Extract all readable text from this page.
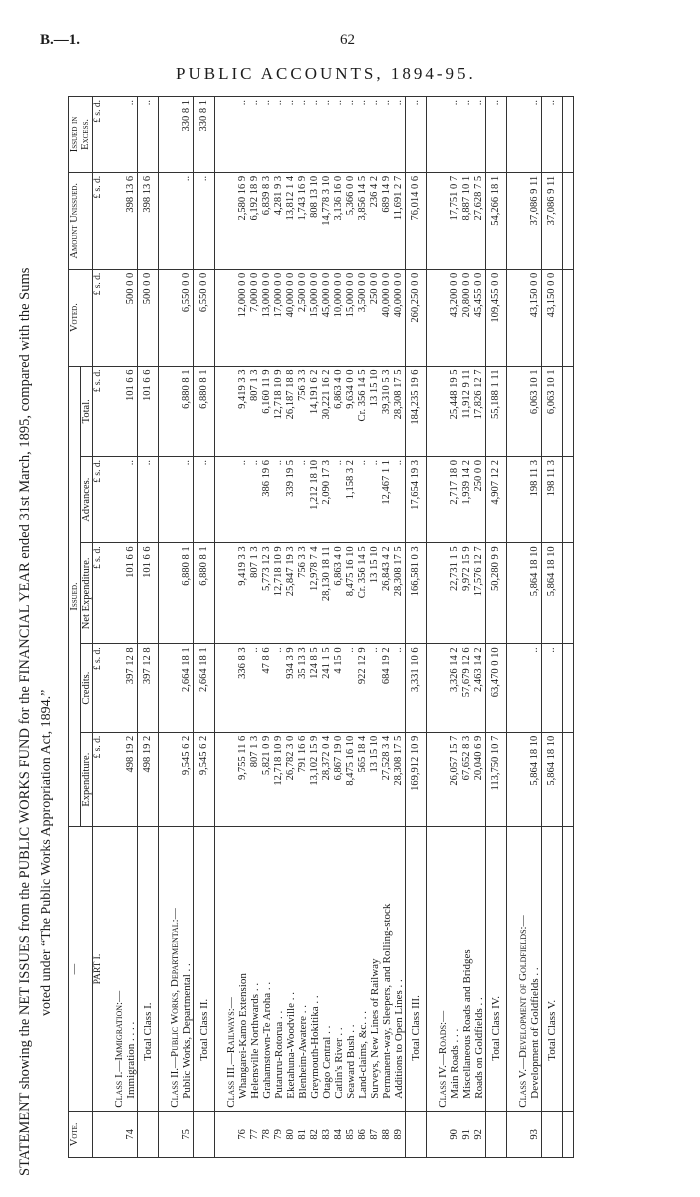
B.—1.	62
PUBLIC ACCOUNTS, 1894-95.
STATEMENT showing the NET ISSUES from the PUBLIC WORKS FUND for the FINANCIAL YEAR ended 31st March, 1895, compared with the Sums voted under “The Public Works Appropriation Act, 1894.”
Vote.	—	Issued.					Voted.	Amount Unissued.	Issued in Excess.
		Expenditure.	Credits.	Net Expenditure.	Advances.	Total.			
	PART I.	£ s. d.	£ s. d.	£ s. d.	£ s. d.	£ s. d.	£ s. d.	£ s. d.	£ s. d.

	Class I.—Immigration:—								
74	Immigration . . . .	498 19 2	397 12 8	101 6 6	..	101 6 6	500 0 0	398 13 6	..
	Total Class I.	498 19 2	397 12 8	101 6 6	..	101 6 6	500 0 0	398 13 6	..

	Class II.—Public Works, Departmental:—								
75	Public Works, Departmental . .	9,545 6 2	2,664 18 1	6,880 8 1	..	6,880 8 1	6,550 0 0	..	330 8 1
	Total Class II.	9,545 6 2	2,664 18 1	6,880 8 1	..	6,880 8 1	6,550 0 0	..	330 8 1

	Class III.—Railways:—								
76	Whangarei-Kamo Extension	9,755 11 6	336 8 3	9,419 3 3	..	9,419 3 3	12,000 0 0	2,580 16 9	..
77	Helensville Northwards . .	807 1 3	..	807 1 3	..	807 1 3	7,000 0 0	6,192 18 9	..
78	Grahamstown-Te Aroha . .	5,821 0 9	47 8 6	5,773 12 3	386 19 6	6,160 11 9	13,000 0 0	6,839 8 3	..
79	Putaruru-Rotorua . .	12,718 10 9	..	12,718 10 9	..	12,718 10 9	17,000 0 0	4,281 9 3	..
80	Eketahuna-Woodville . .	26,782 3 0	934 3 9	25,847 19 3	339 19 5	26,187 18 8	40,000 0 0	13,812 1 4	..
81	Blenheim-Awatere . .	791 16 6	35 13 3	756 3 3	..	756 3 3	2,500 0 0	1,743 16 9	..
82	Greymouth-Hokitika . .	13,102 15 9	124 8 5	12,978 7 4	1,212 18 10	14,191 6 2	15,000 0 0	808 13 10	..
83	Otago Central . .	28,372 0 4	241 1 5	28,130 18 11	2,090 17 3	30,221 16 2	45,000 0 0	14,778 3 10	..
84	Catlin's River . .	6,867 19 0	4 15 0	6,863 4 0	..	6,863 4 0	10,000 0 0	3,136 16 0	..
85	Seaward Bush . .	8,475 16 10	..	8,475 16 10	1,158 3 2	9,634 0 0	15,000 0 0	5,366 0 0	..
86	Land-claims, &c. . .	565 18 4	922 12 9	Cr. 356 14 5	..	Cr. 356 14 5	3,500 0 0	3,856 14 5	..
87	Surveys, New Lines of Railway	13 15 10	..	13 15 10	..	13 15 10	250 0 0	236 4 2	..
88	Permanent-way, Sleepers, and Rolling-stock	27,528 3 4	684 19 2	26,843 4 2	12,467 1 1	39,310 5 3	40,000 0 0	689 14 9	..
89	Additions to Open Lines . .	28,308 17 5	..	28,308 17 5	..	28,308 17 5	40,000 0 0	11,691 2 7	..
	Total Class III.	169,912 10 9	3,331 10 6	166,581 0 3	17,654 19 3	184,235 19 6	260,250 0 0	76,014 0 6	..

	Class IV.—Roads:—								
90	Main Roads . . .	26,057 15 7	3,326 14 2	22,731 1 5	2,717 18 0	25,448 19 5	43,200 0 0	17,751 0 7	..
91	Miscellaneous Roads and Bridges	67,652 8 3	57,679 12 6	9,972 15 9	1,939 14 2	11,912 9 11	20,800 0 0	8,887 10 1	..
92	Roads on Goldfields . .	20,040 6 9	2,463 14 2	17,576 12 7	250 0 0	17,826 12 7	45,455 0 0	27,628 7 5	..
	Total Class IV.	113,750 10 7	63,470 0 10	50,280 9 9	4,907 12 2	55,188 1 11	109,455 0 0	54,266 18 1	..

	Class V.—Development of Goldfields:—								
93	Development of Goldfields . .	5,864 18 10	..	5,864 18 10	198 11 3	6,063 10 1	43,150 0 0	37,086 9 11	..
	Total Class V.	5,864 18 10	..	5,864 18 10	198 11 3	6,063 10 1	43,150 0 0	37,086 9 11	..
